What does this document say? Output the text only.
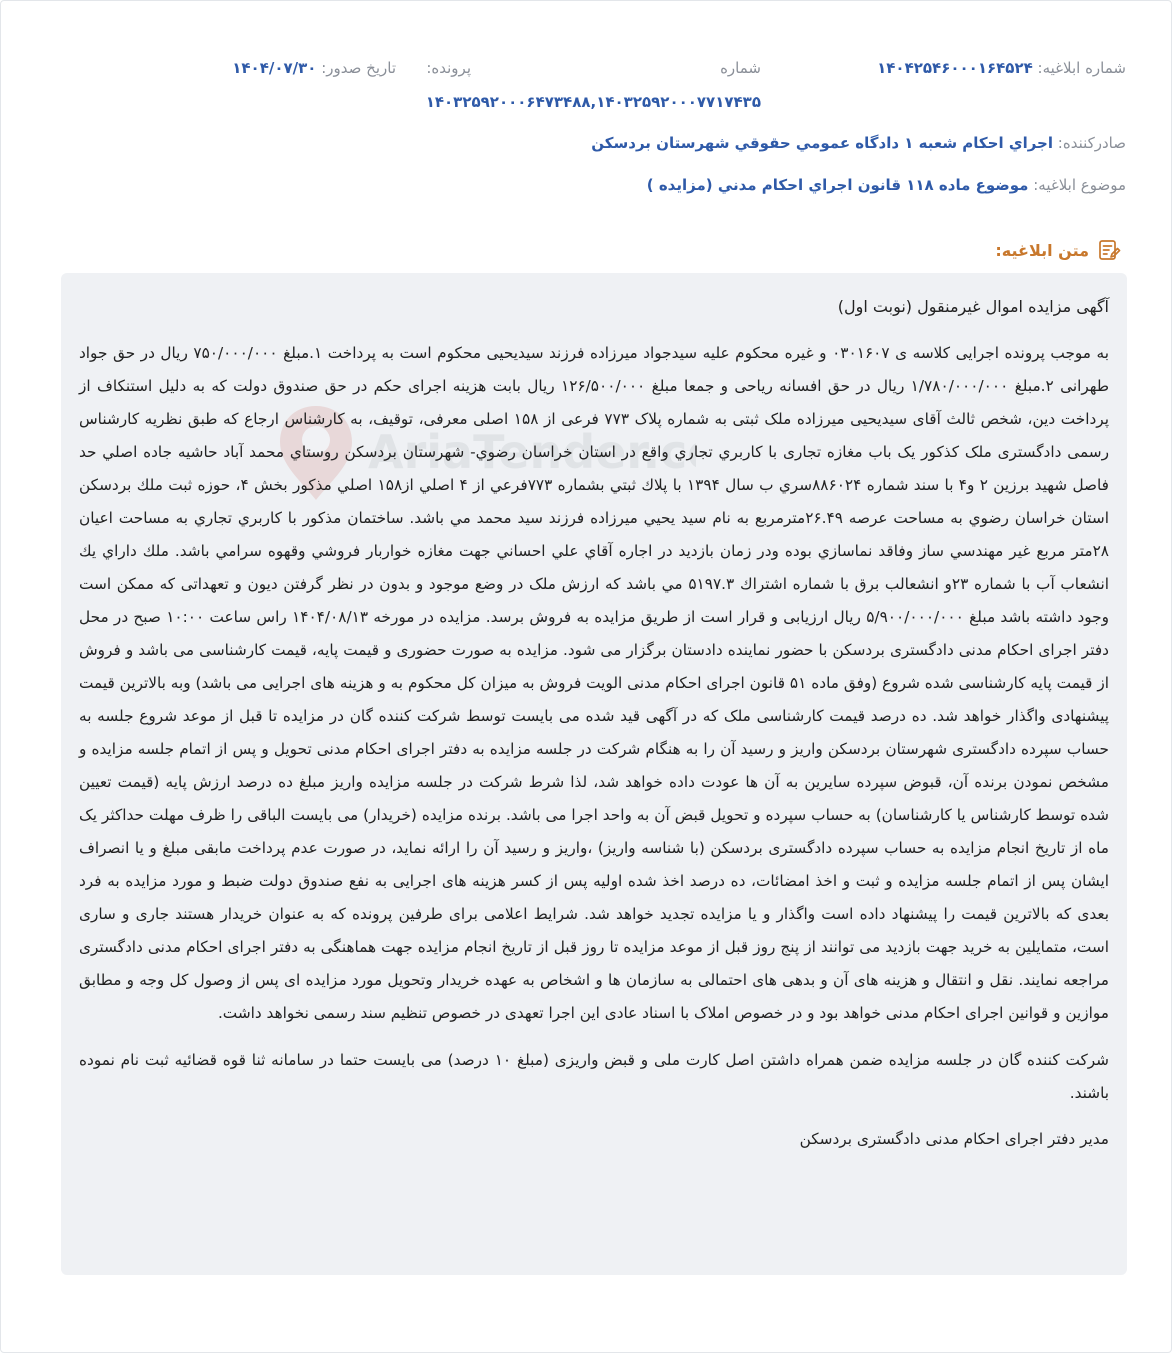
شماره ابلاغیه: ۱۴۰۴۲۵۴۶۰۰۰۱۶۴۵۲۴
شماره
پرونده:
تاریخ صدور: ۱۴۰۴/۰۷/۳۰
۱۴۰۳۲۵۹۲۰۰۰۶۴۷۳۴۸۸,۱۴۰۳۲۵۹۲۰۰۰۷۷۱۷۴۳۵
صادرکننده: اجراي احكام شعبه ۱ دادگاه عمومي حقوقي شهرستان بردسكن
موضوع ابلاغیه: موضوع ماده ۱۱۸ قانون اجراي احكام مدني (مزايده )
متن ابلاغیه:
AriaTender.c

آگهی مزایده اموال غیرمنقول (نوبت اول)

به موجب پرونده اجرایی کلاسه ی ۰۳۰۱۶۰۷ و غیره محکوم علیه سیدجواد میرزاده فرزند سیدیحیی محکوم است به پرداخت ۱.مبلغ ۷۵۰/۰۰۰/۰۰۰ ریال در حق جواد طهرانی ۲.مبلغ ۱/۷۸۰/۰۰۰/۰۰۰ ریال در حق افسانه ریاحی و جمعا مبلغ ۱۲۶/۵۰۰/۰۰۰ ریال بابت هزینه اجرای حکم در حق صندوق دولت که به دلیل استنکاف از پرداخت دین، شخص ثالث آقای سیدیحیی میرزاده ملک ثبتی به شماره پلاک ۷۷۳ فرعی از ۱۵۸ اصلی معرفی، توقیف، به کارشناس ارجاع که طبق نظریه کارشناس رسمی دادگستری ملک کذکور یک باب مغازه تجاری با كاربري تجاري واقع در استان خراسان رضوي- شهرستان بردسكن روستاي محمد آباد حاشيه جاده اصلي حد فاصل شهيد برزين ۲ و۴ با سند شماره ۸۸۶۰۲۴سري ب سال ۱۳۹۴ با پلاك ثبتي بشماره ۷۷۳فرعي از ۴ اصلي از۱۵۸ اصلي مذكور بخش ۴، حوزه ثبت ملك بردسكن استان خراسان رضوي به مساحت عرصه ۲۶.۴۹مترمربع به نام سيد يحيي ميرزاده فرزند سيد محمد مي باشد. ساختمان مذكور با كاربري تجاري به مساحت اعيان ۲۸متر مربع غير مهندسي ساز وفاقد نماسازي بوده ودر زمان بازديد در اجاره آقاي علي احساني جهت مغازه خواربار فروشي وقهوه سرامي باشد. ملك داراي يك انشعاب آب با شماره ۲۳و انشعالب برق با شماره اشتراك ۵۱۹۷.۳ مي باشد که ارزش ملک در وضع موجود و بدون در نظر گرفتن دیون و تعهداتی که ممکن است وجود داشته باشد مبلغ ۵/۹۰۰/۰۰۰/۰۰۰ ریال ارزیابی و قرار است از طریق مزایده به فروش برسد. مزایده در مورخه ۱۴۰۴/۰۸/۱۳ راس ساعت ۱۰:۰۰ صبح در محل دفتر اجرای احکام مدنی دادگستری بردسکن با حضور نماینده دادستان برگزار می شود. مزایده به صورت حضوری و قیمت پایه، قیمت کارشناسی می باشد و فروش از قیمت پایه کارشناسی شده شروع (وفق ماده ۵۱ قانون اجرای احکام مدنی الویت فروش به میزان کل محکوم به و هزینه های اجرایی می باشد) وبه بالاترین قیمت پیشنهادی واگذار خواهد شد. ده درصد قیمت کارشناسی ملک که در آگهی قید شده می بایست توسط شرکت کننده گان در مزایده تا قبل از موعد شروع جلسه به حساب سپرده دادگستری شهرستان بردسکن واریز و رسید آن را به هنگام شرکت در جلسه مزایده به دفتر اجرای احکام مدنی تحویل و پس از اتمام جلسه مزایده و مشخص نمودن برنده آن، قبوض سپرده سایرین به آن ها عودت داده خواهد شد، لذا شرط شرکت در جلسه مزایده واریز مبلغ ده درصد ارزش پایه (قیمت تعیین شده توسط کارشناس یا کارشناسان) به حساب سپرده و تحویل قبض آن به واحد اجرا می باشد. برنده مزایده (خریدار) می بایست الباقی را ظرف مهلت حداکثر یک ماه از تاریخ انجام مزایده به حساب سپرده دادگستری بردسکن (با شناسه واریز) ،واریز و رسید آن را ارائه نماید، در صورت عدم پرداخت مابقی مبلغ و یا انصراف ایشان پس از اتمام جلسه مزایده و ثبت و اخذ امضائات، ده درصد اخذ شده اولیه پس از کسر هزینه های اجرایی به نفع صندوق دولت ضبط و مورد مزایده به فرد بعدی که بالاترین قیمت را پیشنهاد داده است واگذار و یا مزایده تجدید خواهد شد. شرایط اعلامی برای طرفین پرونده که به عنوان خریدار هستند جاری و ساری است، متمایلین به خرید جهت بازدید می توانند از پنج روز قبل از موعد مزایده تا روز قبل از تاریخ انجام مزایده جهت هماهنگی به دفتر اجرای احکام مدنی دادگستری مراجعه نمایند. نقل و انتقال و هزینه های آن و بدهی های احتمالی به سازمان ها و اشخاص به عهده خریدار وتحویل مورد مزایده ای پس از وصول کل وجه و مطابق موازین و قوانین اجرای احکام مدنی خواهد بود و در خصوص املاک با اسناد عادی این اجرا تعهدی در خصوص تنظیم سند رسمی نخواهد داشت.

شرکت کننده گان در جلسه مزایده ضمن همراه داشتن اصل کارت ملی و قبض واریزی (مبلغ ۱۰ درصد) می بایست حتما در سامانه ثنا قوه قضائیه ثبت نام نموده باشند.

مدیر دفتر اجرای احکام مدنی دادگستری بردسکن
